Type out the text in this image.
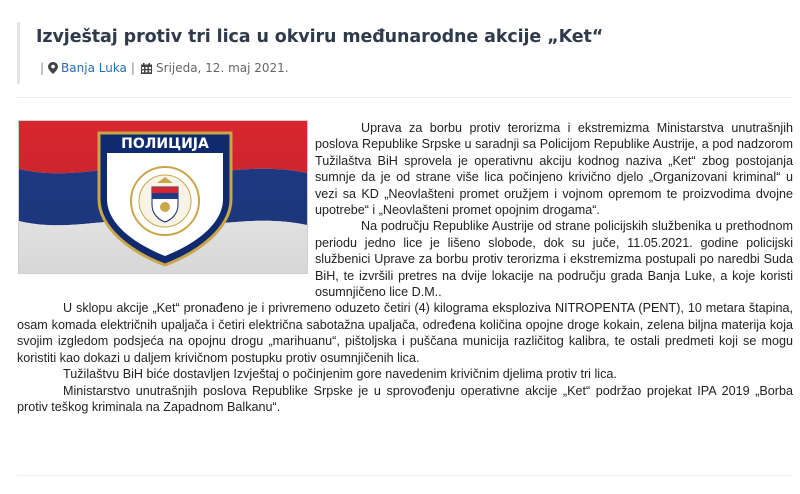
Izvještaj protiv tri lica u okviru međunarodne akcije „Ket“
| Banja Luka | Srijeda, 12. maj 2021.
ПОЛИЦИЈА

Uprava za borbu protiv terorizma i ekstremizma Ministarstva unutrašnjih poslova Republike Srpske u saradnji sa Policijom Republike Austrije, a pod nadzorom Tužilaštva BiH sprovela je operativnu akciju kodnog naziva „Ket“ zbog postojanja sumnje da je od strane više lica počinjeno krivično djelo „Organizovani kriminal“ u vezi sa KD „Neovlašteni promet oružjem i vojnom opremom te proizvodima dvojne upotrebe“ i „Neovlašteni promet opojnim drogama“.

Na području Republike Austrije od strane policijskih službenika u prethodnom periodu jedno lice je lišeno slobode, dok su juče, 11.05.2021. godine policijski službenici Uprave za borbu protiv terorizma i ekstremizma postupali po naredbi Suda BiH, te izvršili pretres na dvije lokacije na području grada Banja Luke, a koje koristi osumnjičeno lice D.M..

U sklopu akcije „Ket“ pronađeno je i privremeno oduzeto četiri (4) kilograma eksploziva NITROPENTA (PENT), 10 metara štapina, osam komada električnih upaljača i četiri električna sabotažna upaljača, određena količina opojne droge kokain, zelena biljna materija koja svojim izgledom podsjeća na opojnu drogu „marihuanu“, pištoljska i puščana municija različitog kalibra, te ostali predmeti koji se mogu koristiti kao dokazi u daljem krivičnom postupku protiv osumnjičenih lica.

Tužilaštvu BiH biće dostavljen Izvještaj o počinjenim gore navedenim krivičnim djelima protiv tri lica.

Ministarstvo unutrašnjih poslova Republike Srpske je u sprovođenju operativne akcije „Ket“ podržao projekat IPA 2019 „Borba protiv teškog kriminala na Zapadnom Balkanu“.
